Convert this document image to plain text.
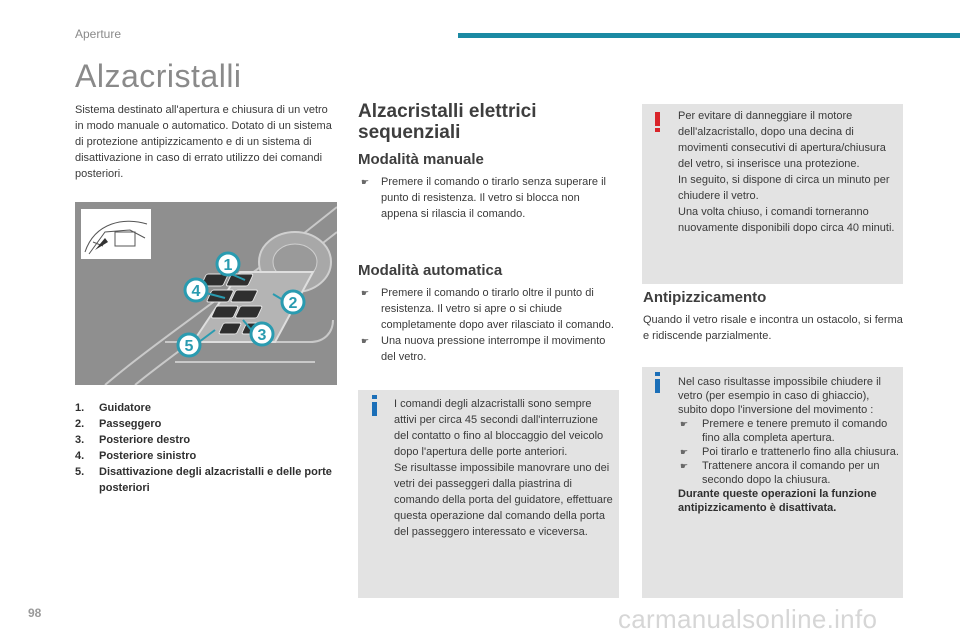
Aperture
Alzacristalli

Sistema destinato all'apertura e chiusura di un vetro in modo manuale o automatico. Dotato di un sistema di protezione antipizzicamento e di un sistema di disattivazione in caso di errato utilizzo dei comandi posteriori.

1
2
3
4
5
1.	Guidatore
2.	Passeggero
3.	Posteriore destro
4.	Posteriore sinistro
5.	Disattivazione degli alzacristalli e delle porte posteriori
Alzacristalli elettrici sequenziali
Modalità manuale
☛ Premere il comando o tirarlo senza superare il punto di resistenza. Il vetro si blocca non appena si rilascia il comando.
Modalità automatica
☛ Premere il comando o tirarlo oltre il punto di resistenza. Il vetro si apre o si chiude completamente dopo aver rilasciato il comando.
☛ Una nuova pressione interrompe il movimento del vetro.

I comandi degli alzacristalli sono sempre attivi per circa 45 secondi dall'interruzione del contatto o fino al bloccaggio del veicolo dopo l'apertura delle porte anteriori.

Se risultasse impossibile manovrare uno dei vetri dei passeggeri dalla piastrina di comando della porta del guidatore, effettuare questa operazione dal comando della porta del passeggero interessato e viceversa.

Per evitare di danneggiare il motore dell'alzacristallo, dopo una decina di movimenti consecutivi di apertura/chiusura del vetro, si inserisce una protezione.

In seguito, si dispone di circa un minuto per chiudere il vetro.

Una volta chiuso, i comandi torneranno nuovamente disponibili dopo circa 40 minuti.

Antipizzicamento

Quando il vetro risale e incontra un ostacolo, si ferma e ridiscende parzialmente.

Nel caso risultasse impossibile chiudere il vetro (per esempio in caso di ghiaccio), subito dopo l'inversione del movimento :

☛ Premere e tenere premuto il comando fino alla completa apertura.
☛ Poi tirarlo e trattenerlo fino alla chiusura.
☛ Trattenere ancora il comando per un secondo dopo la chiusura.

Durante queste operazioni la funzione antipizzicamento è disattivata.

98	carmanualsonline.info
